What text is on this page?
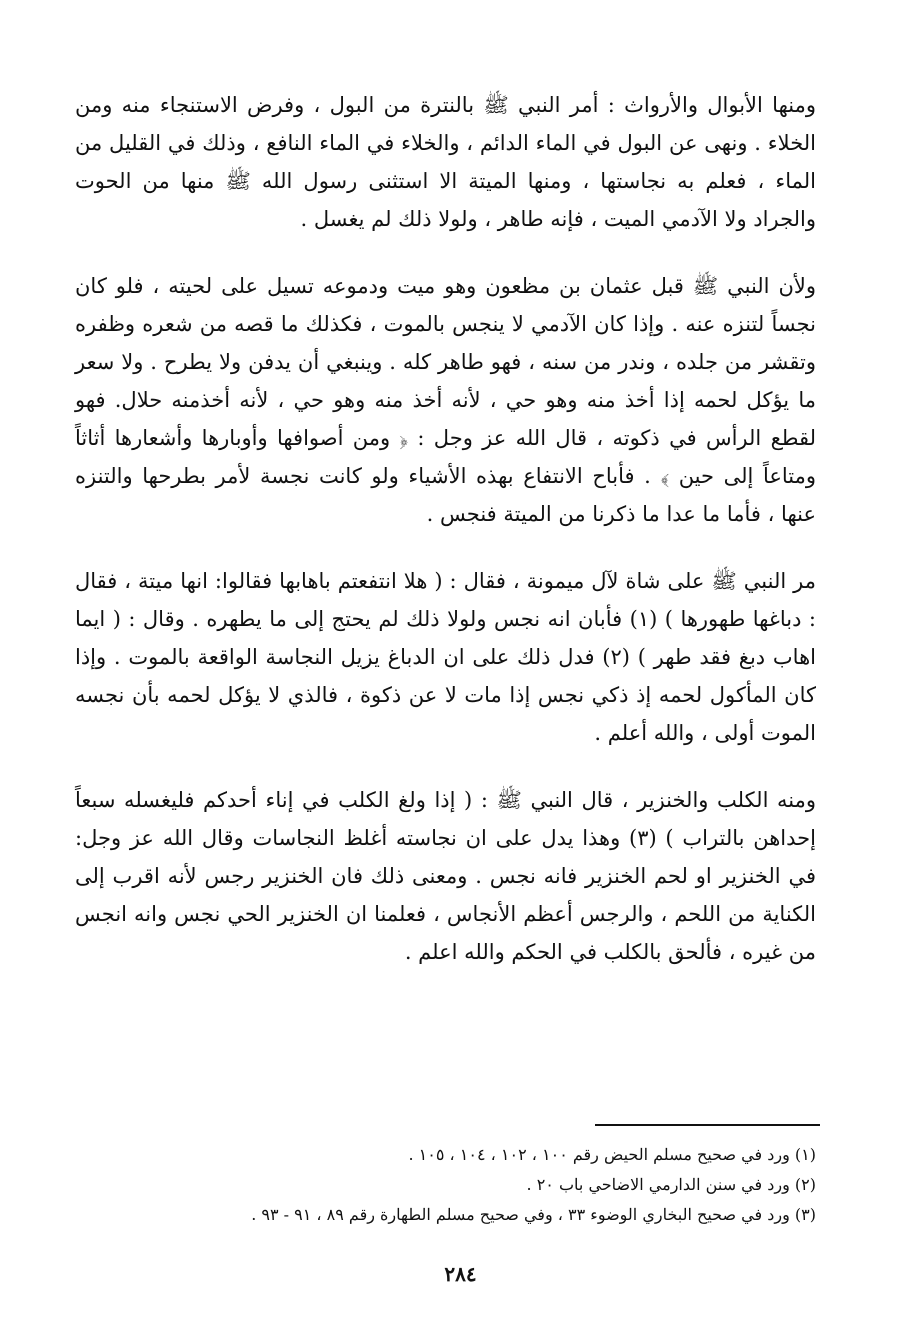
ومنها الأبوال والأرواث : أمر النبي ﷺ بالنترة من البول ، وفرض الاستنجاء منه ومن الخلاء . ونهى عن البول في الماء الدائم ، والخلاء في الماء النافع ، وذلك في القليل من الماء ، فعلم به نجاستها ، ومنها الميتة الا استثنى رسول الله ﷺ منها من الحوت والجراد ولا الآدمي الميت ، فإنه طاهر ، ولولا ذلك لم يغسل .

ولأن النبي ﷺ قبل عثمان بن مظعون وهو ميت ودموعه تسيل على لحيته ، فلو كان نجساً لتنزه عنه . وإذا كان الآدمي لا ينجس بالموت ، فكذلك ما قصه من شعره وظفره وتقشر من جلده ، وندر من سنه ، فهو طاهر كله . وينبغي أن يدفن ولا يطرح . ولا سعر ما يؤكل لحمه إذا أخذ منه وهو حي ، لأنه أخذ منه وهو حي ، لأنه أخذمنه حلال. فهو لقطع الرأس في ذكوته ، قال الله عز وجل : ﴿ ومن أصوافها وأوبارها وأشعارها أثاثاً ومتاعاً إلى حين ﴾ . فأباح الانتفاع بهذه الأشياء ولو كانت نجسة لأمر بطرحها والتنزه عنها ، فأما ما عدا ما ذكرنا من الميتة فنجس .

مر النبي ﷺ على شاة لآل ميمونة ، فقال : ( هلا انتفعتم باهابها فقالوا: انها ميتة ، فقال : دباغها طهورها ) (١) فأبان انه نجس ولولا ذلك لم يحتج إلى ما يطهره . وقال : ( ايما اهاب دبغ فقد طهر ) (٢) فدل ذلك على ان الدباغ يزيل النجاسة الواقعة بالموت . وإذا كان المأكول لحمه إذ ذكي نجس إذا مات لا عن ذكوة ، فالذي لا يؤكل لحمه بأن نجسه الموت أولى ، والله أعلم .

ومنه الكلب والخنزير ، قال النبي ﷺ : ( إذا ولغ الكلب في إناء أحدكم فليغسله سبعاً إحداهن بالتراب ) (٣) وهذا يدل على ان نجاسته أغلظ النجاسات وقال الله عز وجل: في الخنزير او لحم الخنزير فانه نجس . ومعنى ذلك فان الخنزير رجس لأنه اقرب إلى الكناية من اللحم ، والرجس أعظم الأنجاس ، فعلمنا ان الخنزير الحي نجس وانه انجس من غيره ، فألحق بالكلب في الحكم والله اعلم .

(١) ورد في صحيح مسلم الحيض رقم ١٠٠ ، ١٠٢ ، ١٠٤ ، ١٠٥ .

(٢) ورد في سنن الدارمي الاضاحي باب ٢٠ .

(٣) ورد في صحيح البخاري الوضوء ٣٣ ، وفي صحيح مسلم الطهارة رقم ٨٩ ، ٩١ - ٩٣ .

٢٨٤
